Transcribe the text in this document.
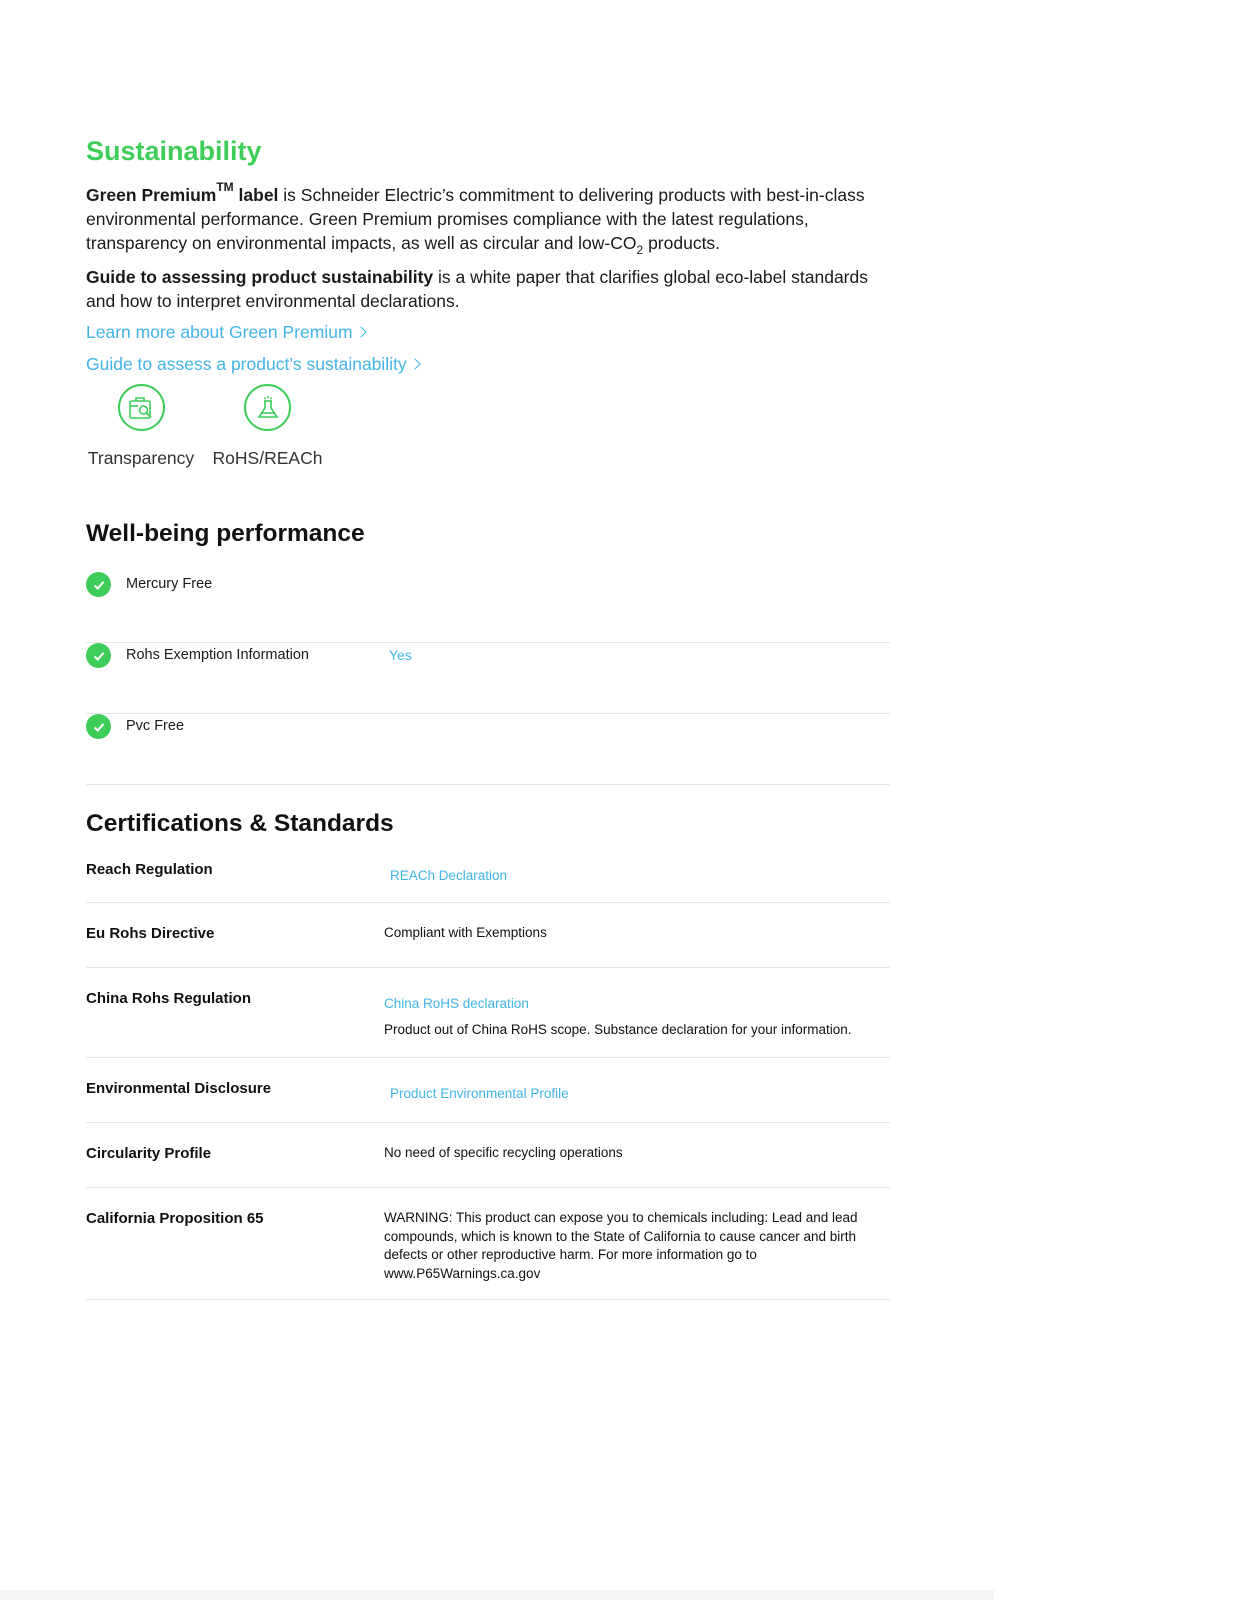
Sustainability

Green Premium™ label is Schneider Electric’s commitment to delivering products with best-in-class environmental performance. Green Premium promises compliance with the latest regulations, transparency on environmental impacts, as well as circular and low-$CO_2$ products.

Guide to assessing product sustainability is a white paper that clarifies global eco-label standards and how to interpret environmental declarations.

Learn more about Green Premium
Guide to assess a product’s sustainability
Transparency RoHS/REACh
Well-being performance
Mercury Free
Rohs Exemption Information	Yes
Pvc Free
Certifications & Standards
Reach Regulation	REACh Declaration
Eu Rohs Directive	Compliant with Exemptions
China Rohs Regulation	China RoHS declaration
Product out of China RoHS scope. Substance declaration for your information.
Environmental Disclosure	Product Environmental Profile
Circularity Profile	No need of specific recycling operations
California Proposition 65	WARNING: This product can expose you to chemicals including: Lead and lead compounds, which is known to the State of California to cause cancer and birth defects or other reproductive harm. For more information go to www.P65Warnings.ca.gov
